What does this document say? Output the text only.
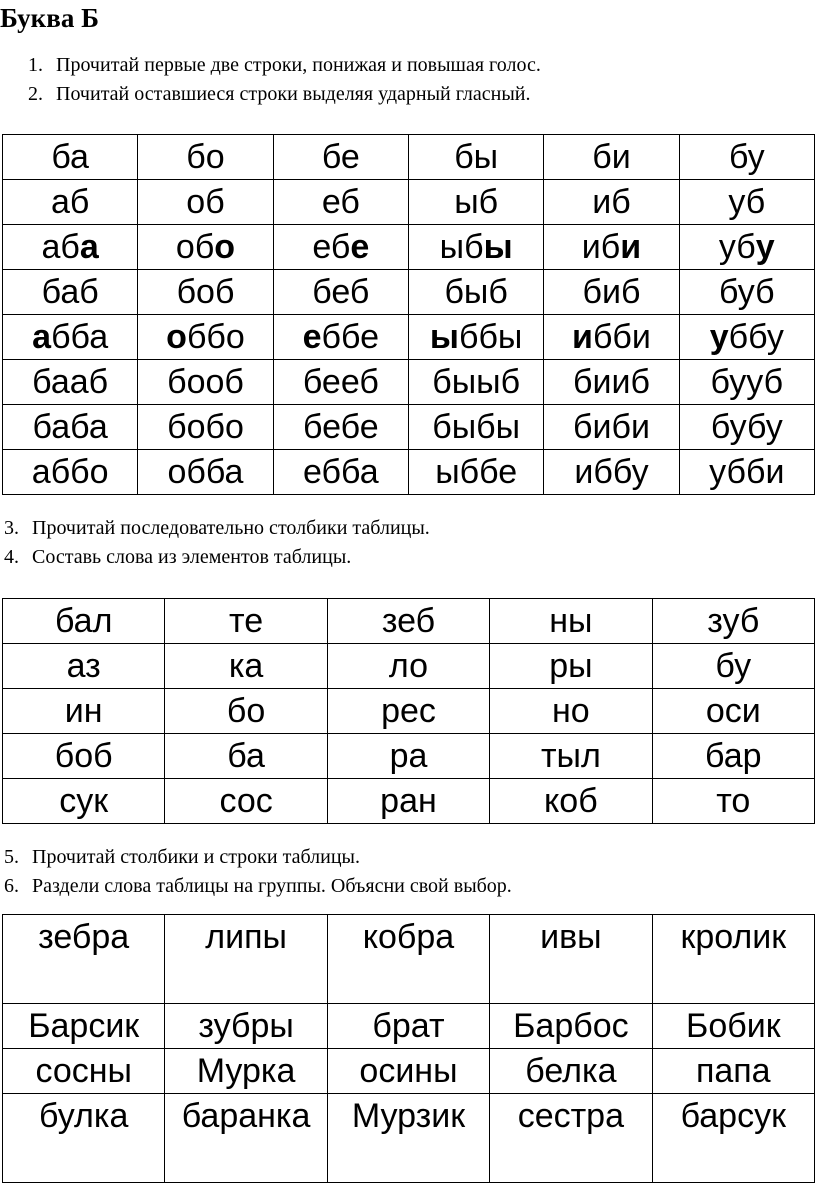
Буква Б
1. Прочитай первые две строки, понижая и повышая голос.
2. Почитай оставшиеся строки выделяя ударный гласный.
ба	бо	бе	бы	би	бу
аб	об	еб	ыб	иб	уб
аба	обо	ебе	ыбы	иби	убу
баб	боб	беб	быб	биб	буб
абба	оббо	еббе	ыббы	ибби	уббу
бааб	бооб	бееб	быыб	бииб	бууб
баба	бобо	бебе	быбы	биби	бубу
аббо	обба	ебба	ыббе	иббу	убби
3. Прочитай последовательно столбики таблицы.
4. Составь слова из элементов таблицы.
бал	те	зеб	ны	зуб
аз	ка	ло	ры	бу
ин	бо	рес	но	оси
боб	ба	ра	тыл	бар
сук	сос	ран	коб	то
5. Прочитай столбики и строки таблицы.
6. Раздели слова таблицы на группы. Объясни свой выбор.
зебра	липы	кобра	ивы	кролик
Барсик	зубры	брат	Барбос	Бобик
сосны	Мурка	осины	белка	папа
булка	баранка	Мурзик	сестра	барсук
